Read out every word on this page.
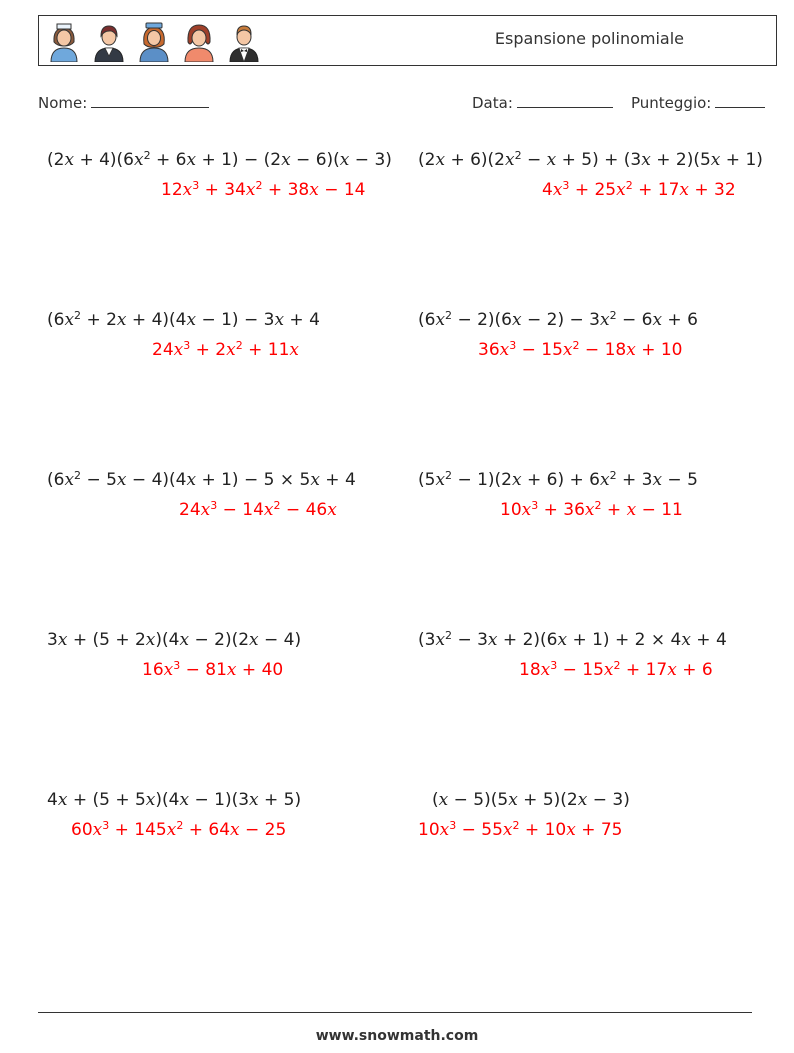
Espansione polinomiale
Nome:	Data:	Punteggio:
$(2x + 4)(6x^2 + 6x + 1) - (2x - 6)(x - 3)$
$12x^3 + 34x^2 + 38x - 14$
$(2x + 6)(2x^2 - x + 5) + (3x + 2)(5x + 1)$
$4x^3 + 25x^2 + 17x + 32$
$(6x^2 + 2x + 4)(4x - 1) - 3x + 4$
$24x^3 + 2x^2 + 11x$
$(6x^2 - 2)(6x - 2) - 3x^2 - 6x + 6$
$36x^3 - 15x^2 - 18x + 10$
$(6x^2 - 5x - 4)(4x + 1) - 5 \times 5x + 4$
$24x^3 - 14x^2 - 46x$
$(5x^2 - 1)(2x + 6) + 6x^2 + 3x - 5$
$10x^3 + 36x^2 + x - 11$
3x + (5 + 2x)(4x − 2)(2x − 4)
$16x^3 - 81x + 40$
$(3x^2 - 3x + 2)(6x + 1) + 2 \times 4x + 4$
$18x^3 - 15x^2 + 17x + 6$
4x + (5 + 5x)(4x − 1)(3x + 5)
$60x^3 + 145x^2 + 64x - 25$
(x − 5)(5x + 5)(2x − 3)
$10x^3 - 55x^2 + 10x + 75$
www.snowmath.com
